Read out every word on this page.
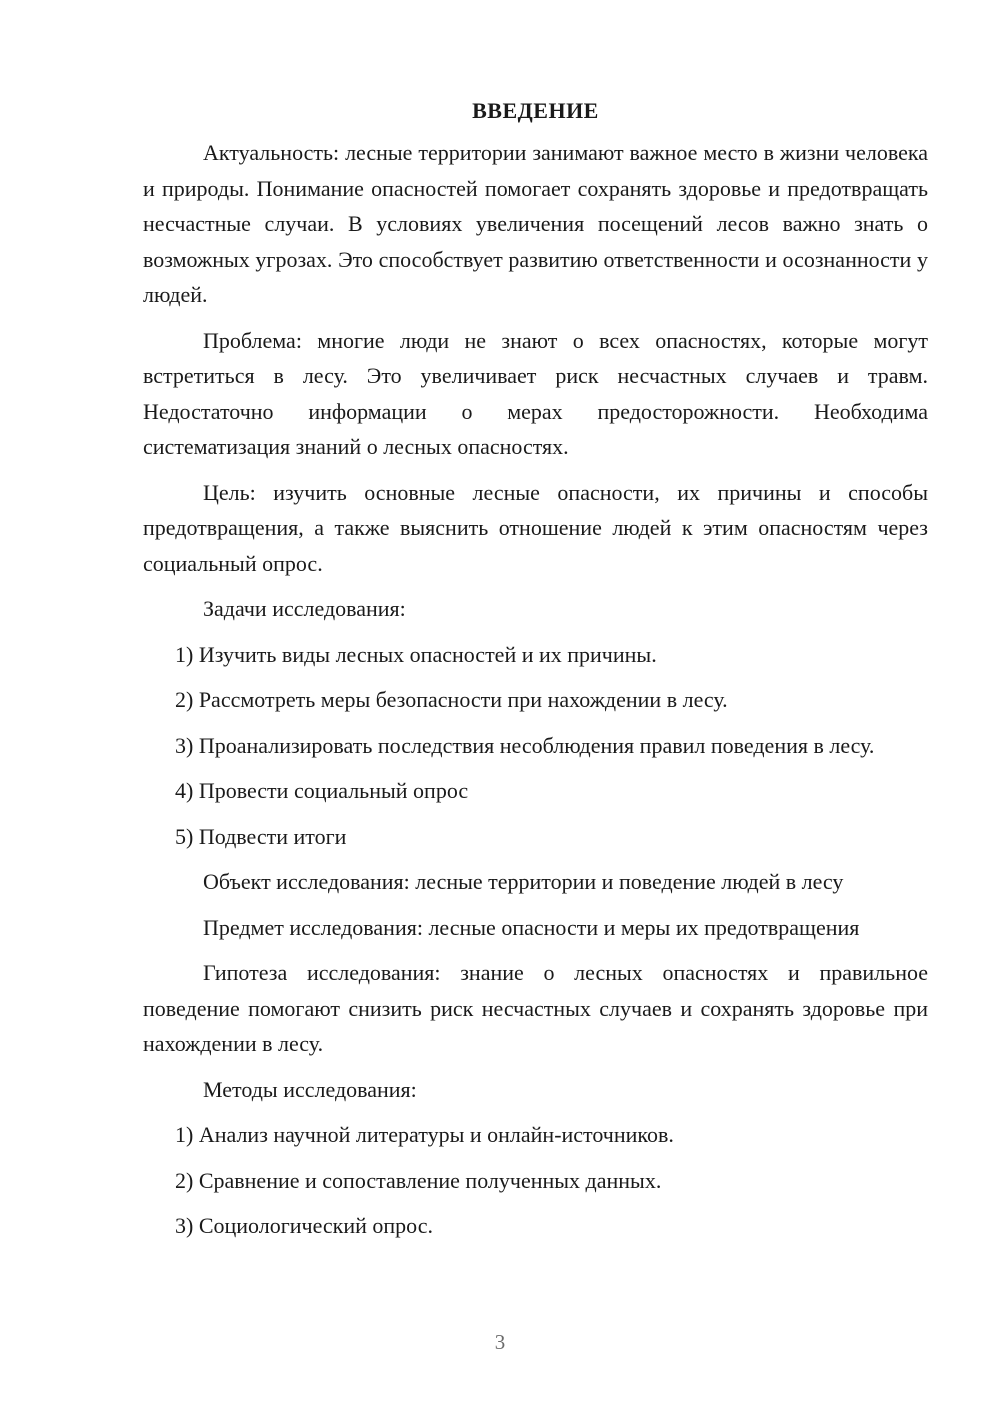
ВВЕДЕНИЕ

Актуальность: лесные территории занимают важное место в жизни человека и природы. Понимание опасностей помогает сохранять здоровье и предотвращать несчастные случаи. В условиях увеличения посещений лесов важно знать о возможных угрозах. Это способствует развитию ответственности и осознанности у людей.

Проблема: многие люди не знают о всех опасностях, которые могут встретиться в лесу. Это увеличивает риск несчастных случаев и травм. Недостаточно информации о мерах предосторожности. Необходима систематизация знаний о лесных опасностях.

Цель: изучить основные лесные опасности, их причины и способы предотвращения, а также выяснить отношение людей к этим опасностям через социальный опрос.

Задачи исследования:

1) Изучить виды лесных опасностей и их причины.

2) Рассмотреть меры безопасности при нахождении в лесу.

3) Проанализировать последствия несоблюдения правил поведения в лесу.

4) Провести социальный опрос

5) Подвести итоги

Объект исследования: лесные территории и поведение людей в лесу

Предмет исследования: лесные опасности и меры их предотвращения

Гипотеза исследования: знание о лесных опасностях и правильное поведение помогают снизить риск несчастных случаев и сохранять здоровье при нахождении в лесу.

Методы исследования:

1) Анализ научной литературы и онлайн-источников.

2) Сравнение и сопоставление полученных данных.

3) Социологический опрос.

3
